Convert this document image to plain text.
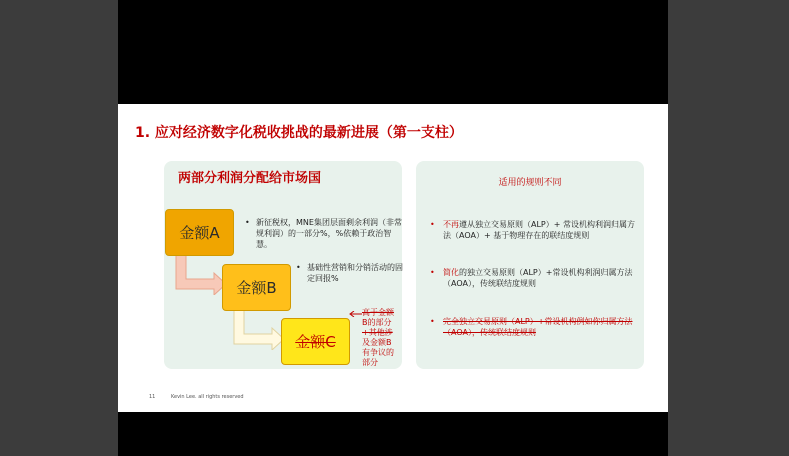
1. 应对经济数字化税收挑战的最新进展（第一支柱）
两部分利润分配给市场国
金额A
金额B
金额C
• 新征税权，MNE集团层面剩余利润（非常规利润）的一部分%，%依赖于政治智慧。
• 基础性营销和分销活动的固定回报%
高于金额
B的部分
+其他涉
及金额B
有争议的
部分
适用的规则不同
• 不再遵从独立交易原则（ALP）+ 常设机构利润归属方法（AOA）+ 基于物理存在的联结度规则
• 简化的独立交易原则（ALP）+常设机构利润归属方法（AOA），传统联结度规则
• 完全独立交易原则（ALP）+常设机构例如你归属方法（AOA），传统联结度规则
11	Kevin Lee. all rights reserved
